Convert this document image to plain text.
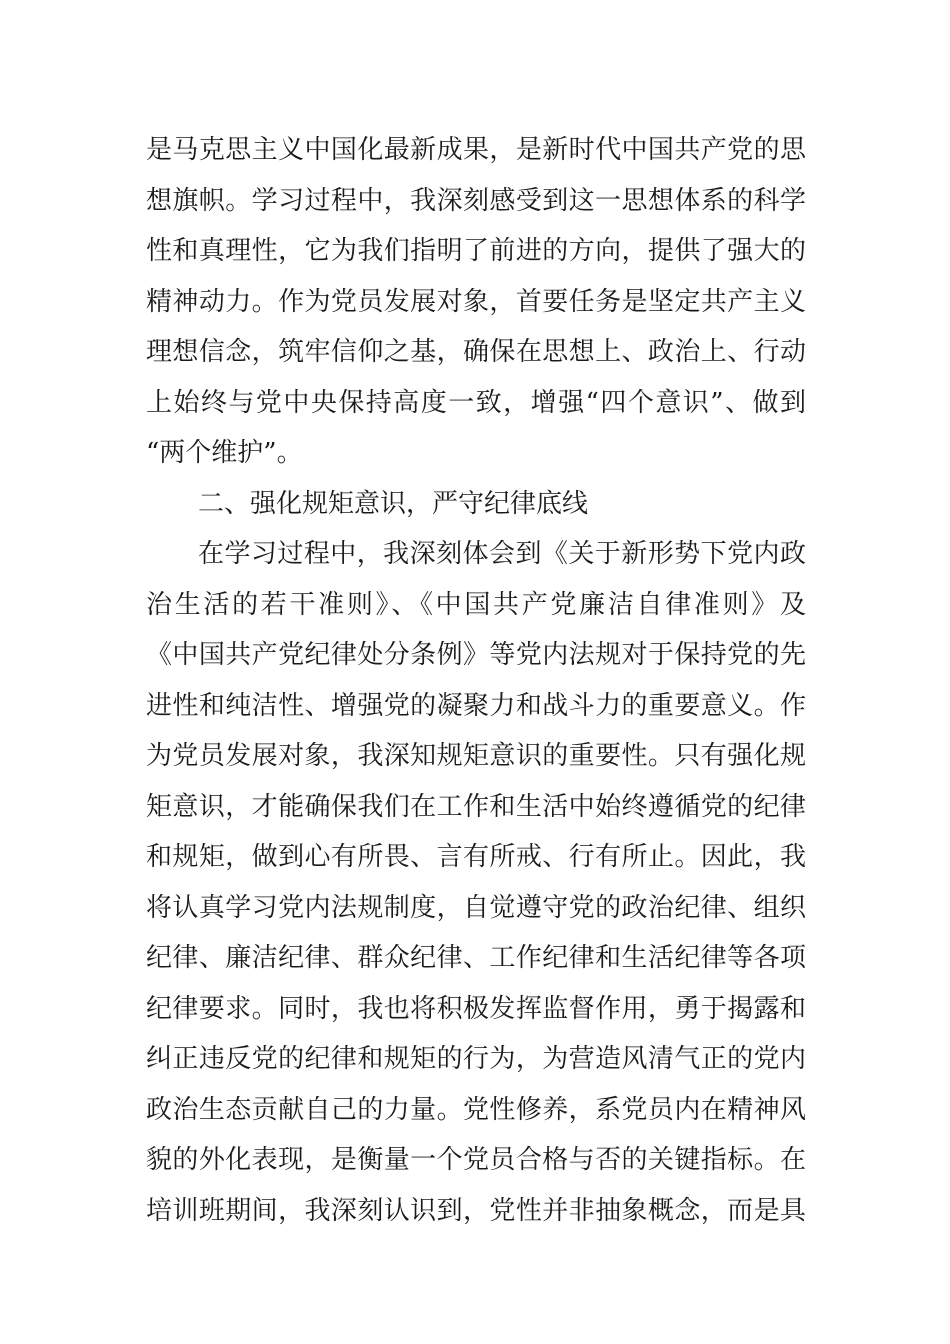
是马克思主义中国化最新成果，是新时代中国共产党的思
想旗帜。学习过程中，我深刻感受到这一思想体系的科学
性和真理性，它为我们指明了前进的方向，提供了强大的
精神动力。作为党员发展对象，首要任务是坚定共产主义
理想信念，筑牢信仰之基，确保在思想上、政治上、行动
上始终与党中央保持高度一致，增强“四个意识”、做到
“两个维护”。
二、强化规矩意识，严守纪律底线
在学习过程中，我深刻体会到《关于新形势下党内政
治生活的若干准则》、《中国共产党廉洁自律准则》及
《中国共产党纪律处分条例》等党内法规对于保持党的先
进性和纯洁性、增强党的凝聚力和战斗力的重要意义。作
为党员发展对象，我深知规矩意识的重要性。只有强化规
矩意识，才能确保我们在工作和生活中始终遵循党的纪律
和规矩，做到心有所畏、言有所戒、行有所止。因此，我
将认真学习党内法规制度，自觉遵守党的政治纪律、组织
纪律、廉洁纪律、群众纪律、工作纪律和生活纪律等各项
纪律要求。同时，我也将积极发挥监督作用，勇于揭露和
纠正违反党的纪律和规矩的行为，为营造风清气正的党内
政治生态贡献自己的力量。党性修养，系党员内在精神风
貌的外化表现，是衡量一个党员合格与否的关键指标。在
培训班期间，我深刻认识到，党性并非抽象概念，而是具
